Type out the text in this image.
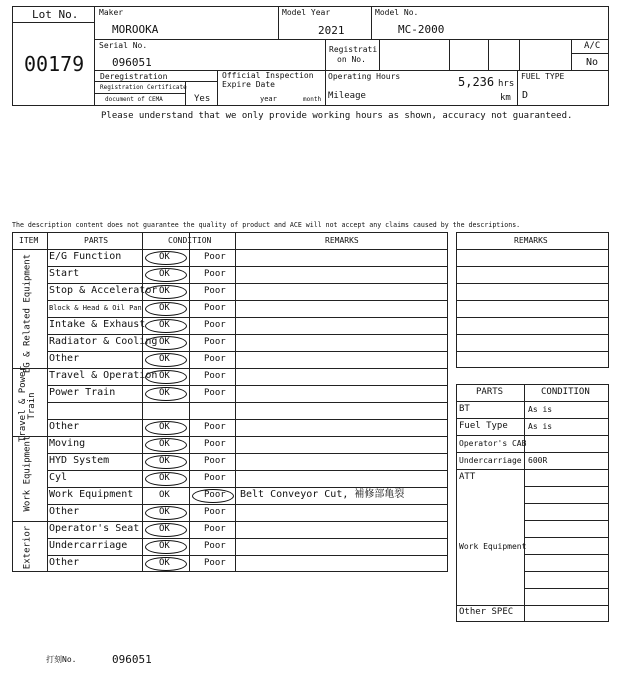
Lot No.
00179
Maker
MOROOKA
Model Year
2021
Model No.
MC-2000
Serial No.
096051
Registrati
on No.
A/C
No
Deregistration
Registration Certificate
document of CEMA	Yes
Official Inspection
Expire Date
year	month
Operating Hours	5,236 hrs
Mileage	km
FUEL TYPE
D
Please understand that we only provide working hours as shown, accuracy not guaranteed.
The description content does not guarantee the quality of product and ACE will not accept any claims caused by the descriptions.
ITEM	PARTS	CONDITION	REMARKS
EG & Related Equipment
Travel & Power Train
Work Equipment
Exterior
REMARKS
PARTS	CONDITION
打刻No.	096051
E/G Function	OK	Poor
Start	OK	Poor
Stop & Accelerator OK	Poor
Block & Head & Oil Pan OK	Poor
Intake & Exhaust OK	Poor
Radiator & Cooling OK	Poor
Other	OK	Poor
Travel & Operation OK	Poor
Power Train	OK	Poor
Other	OK	Poor
Moving	OK	Poor
HYD System	OK	Poor
Cyl	OK	Poor
Work Equipment	OK	Poor Belt Conveyor Cut, 補修部亀裂
Other	OK	Poor
Operator's Seat OK	Poor
Undercarriage	OK	Poor
Other	OK	Poor
BT	As is
Fuel Type	As is
Operator's CAB
Undercarriage 600R
ATT
Work Equipment
Other SPEC
